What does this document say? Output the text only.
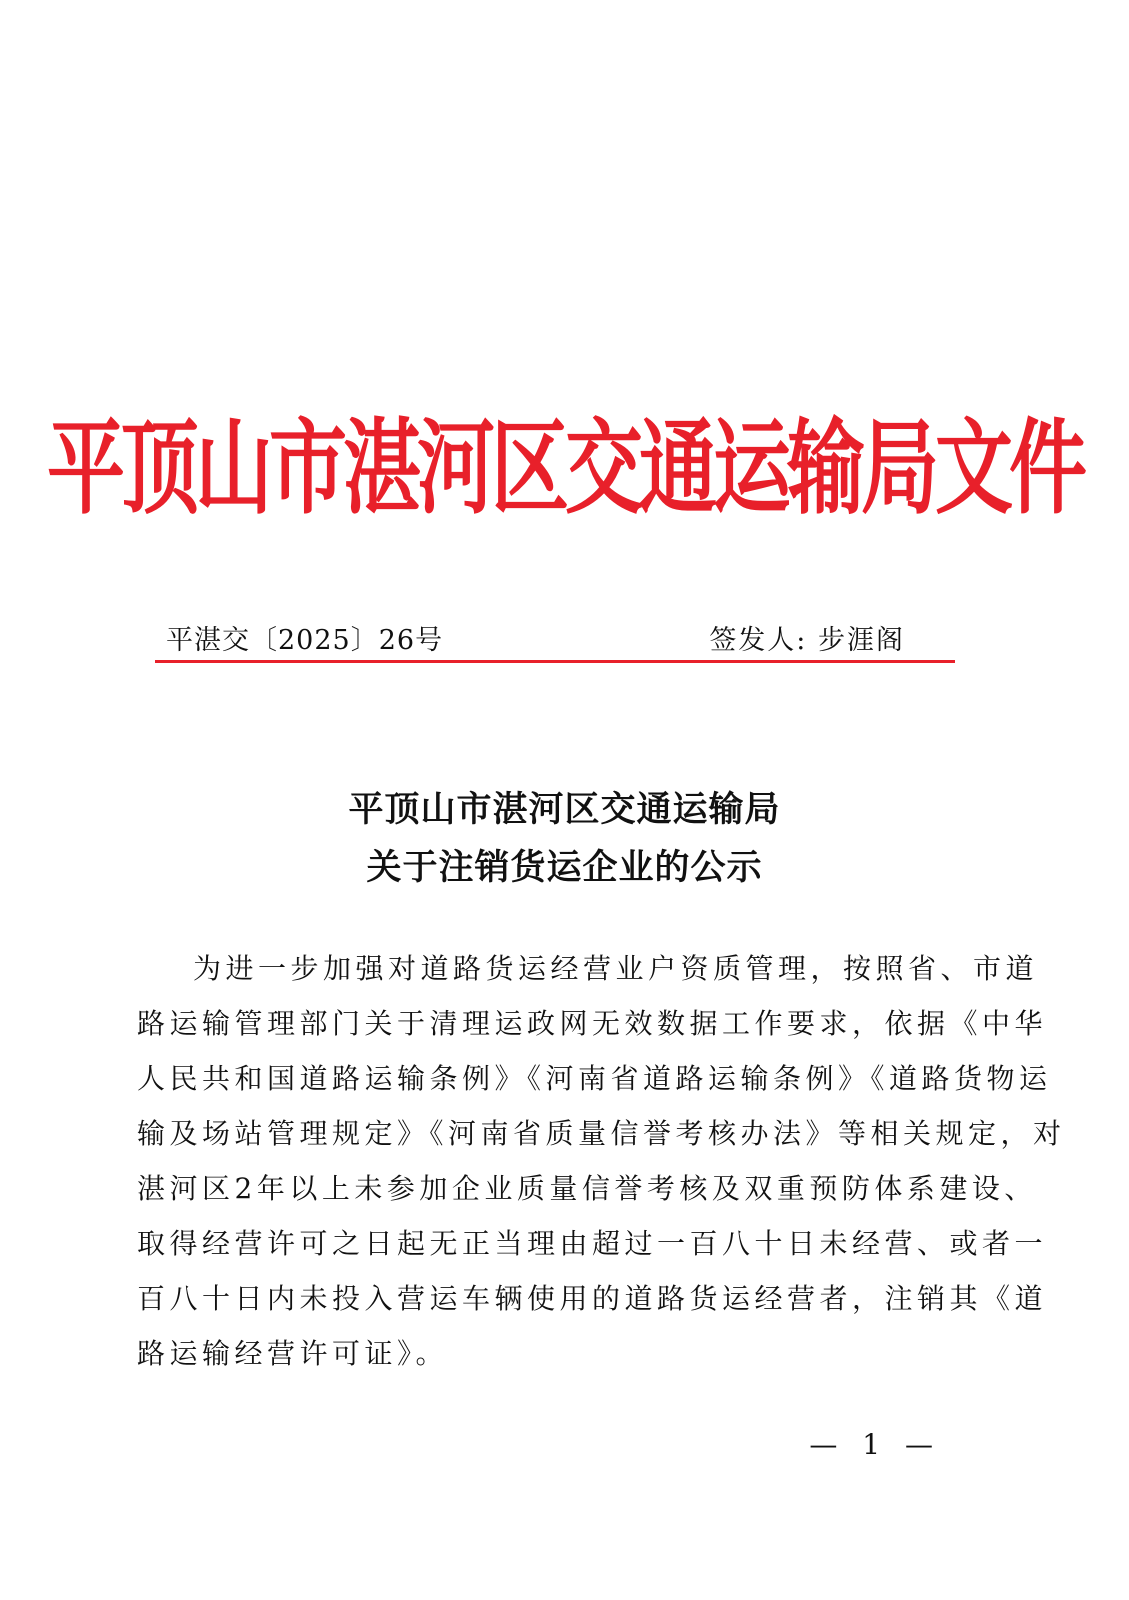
平顶山市湛河区交通运输局文件
平湛交〔2025〕26号	签发人: 步涯阁
平顶山市湛河区交通运输局
关于注销货运企业的公示
为进一步加强对道路货运经营业户资质管理，按照省、市道
路运输管理部门关于清理运政网无效数据工作要求，依据《中华
人民共和国道路运输条例》《河南省道路运输条例》《道路货物运
输及场站管理规定》《河南省质量信誉考核办法》等相关规定，对
湛河区2年以上未参加企业质量信誉考核及双重预防体系建设、
取得经营许可之日起无正当理由超过一百八十日未经营、或者一
百八十日内未投入营运车辆使用的道路货运经营者，注销其《道
路运输经营许可证》。
— 1 —
